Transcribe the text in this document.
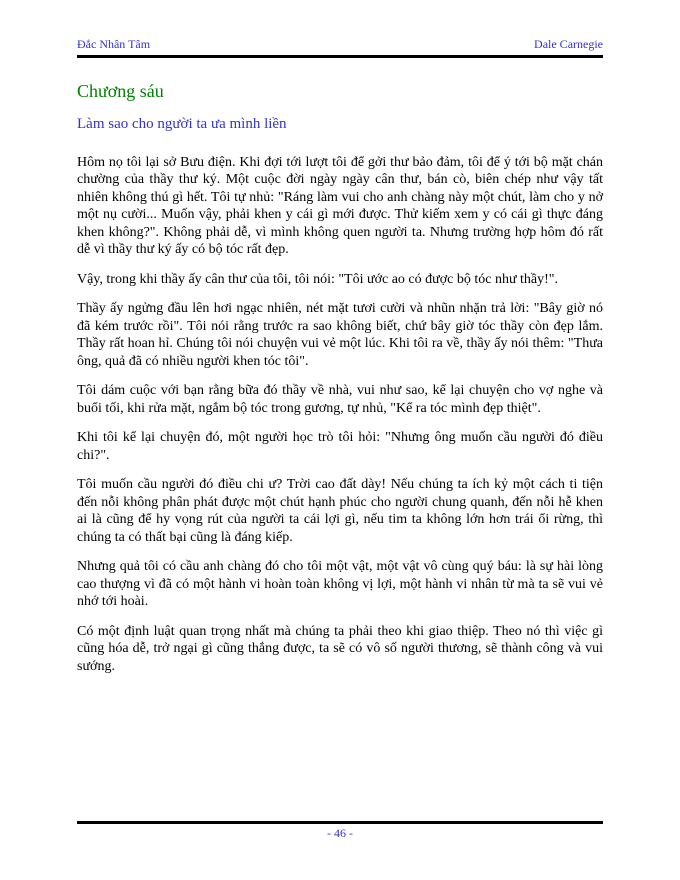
Đắc Nhân Tâm	Dale Carnegie
Chương sáu
Làm sao cho người ta ưa mình liền

Hôm nọ tôi lại sở Bưu điện. Khi đợi tới lượt tôi để gởi thư bảo đảm, tôi để ý tới bộ mặt chán chường của thầy thư ký. Một cuộc đời ngày ngày cân thư, bán cò, biên chép như vậy tất nhiên không thú gì hết. Tôi tự nhủ: "Ráng làm vui cho anh chàng này một chút, làm cho y nở một nụ cười... Muốn vậy, phải khen y cái gì mới được. Thử kiếm xem y có cái gì thực đáng khen không?". Không phải dễ, vì mình không quen người ta. Nhưng trường hợp hôm đó rất dễ vì thầy thư ký ấy có bộ tóc rất đẹp.

Vậy, trong khi thầy ấy cân thư của tôi, tôi nói: "Tôi ước ao có được bộ tóc như thầy!".

Thầy ấy ngửng đầu lên hơi ngạc nhiên, nét mặt tươi cười và nhũn nhặn trả lời: "Bây giờ nó đã kém trước rồi". Tôi nói rằng trước ra sao không biết, chứ bây giờ tóc thầy còn đẹp lắm. Thầy rất hoan hỉ. Chúng tôi nói chuyện vui vẻ một lúc. Khi tôi ra về, thầy ấy nói thêm: "Thưa ông, quả đã có nhiều người khen tóc tôi".

Tôi dám cuộc với bạn rằng bữa đó thầy về nhà, vui như sao, kể lại chuyện cho vợ nghe và buổi tối, khi rửa mặt, ngắm bộ tóc trong gương, tự nhủ, "Kể ra tóc mình đẹp thiệt".

Khi tôi kể lại chuyện đó, một người học trò tôi hỏi: "Nhưng ông muốn cầu người đó điều chi?".

Tôi muốn cầu người đó điều chi ư? Trời cao đất dày! Nếu chúng ta ích kỷ một cách ti tiện đến nỗi không phân phát được một chút hạnh phúc cho người chung quanh, đến nỗi hễ khen ai là cũng để hy vọng rút của người ta cái lợi gì, nếu tim ta không lớn hơn trái ổi rừng, thì chúng ta có thất bại cũng là đáng kiếp.

Nhưng quả tôi có cầu anh chàng đó cho tôi một vật, một vật vô cùng quý báu: là sự hài lòng cao thượng vì đã có một hành vi hoàn toàn không vị lợi, một hành vi nhân từ mà ta sẽ vui vẻ nhớ tới hoài.

Có một định luật quan trọng nhất mà chúng ta phải theo khi giao thiệp. Theo nó thì việc gì cũng hóa dễ, trở ngại gì cũng thắng được, ta sẽ có vô số người thương, sẽ thành công và vui sướng.

- 46 -
